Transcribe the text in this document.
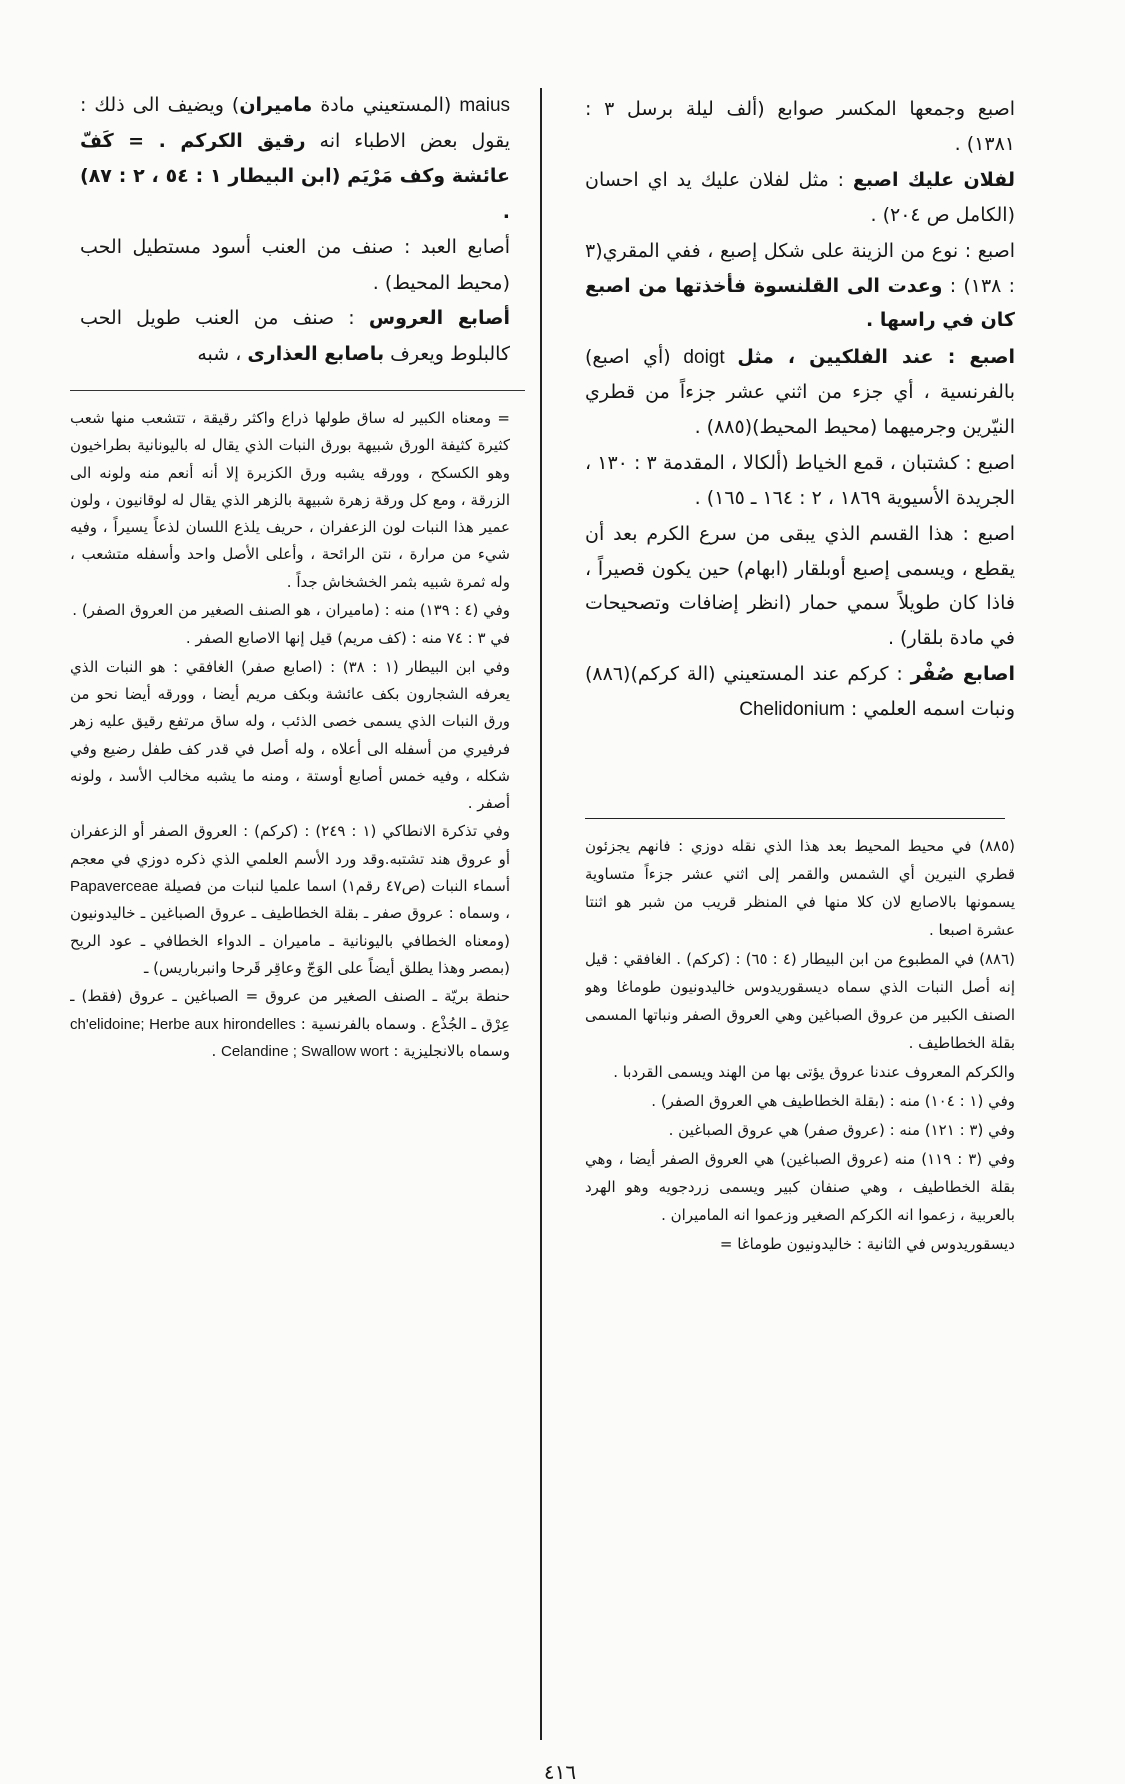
اصبع وجمعها المكسر صوابع (ألف ليلة برسل ٣ : ١٣٨١) .

لفلان عليك اصبع : مثل لفلان عليك يد اي احسان (الكامل ص ٢٠٤) .

اصبع : نوع من الزينة على شكل إصبع ، ففي المقري(٣ : ١٣٨) : وعدت الى القلنسوة فأخذتها من اصبع كان في راسها .

اصبع : عند الفلكيين ، مثل doigt (أي اصبع) بالفرنسية ، أي جزء من اثني عشر جزءاً من قطري النيّرين وجرميهما (محيط المحيط)(٨٨٥) .

اصبع : كشتبان ، قمع الخياط (ألكالا ، المقدمة ٣ : ١٣٠ ، الجريدة الأسيوية ١٨٦٩ ، ٢ : ١٦٤ ـ ١٦٥) .

اصبع : هذا القسم الذي يبقى من سرع الكرم بعد أن يقطع ، ويسمى إصبع أوبلقار (ابهام) حين يكون قصيراً ، فاذا كان طويلاً سمي حمار (انظر إضافات وتصحيحات في مادة بلقار) .

اصابع صُفْر : كركم عند المستعيني (الة كركم)(٨٨٦) ونبات اسمه العلمي : Chelidonium

maius (المستعيني مادة ماميران) ويضيف الى ذلك : يقول بعض الاطباء انه رقيق الكركم . = كَفّ عائشة وكف مَرْيَم (ابن البيطار ١ : ٥٤ ، ٢ : ٨٧) .

أصابع العبد : صنف من العنب أسود مستطيل الحب (محيط المحيط) .

أصابع العروس : صنف من العنب طويل الحب كالبلوط ويعرف باصابع العذارى ، شبه

= ومعناه الكبير له ساق طولها ذراع واكثر رقيقة ، تتشعب منها شعب كثيرة كثيفة الورق شبيهة بورق النبات الذي يقال له باليونانية بطراخيون وهو الكسكح ، وورقه يشبه ورق الكزبرة إلا أنه أنعم منه ولونه الى الزرقة ، ومع كل ورقة زهرة شبيهة بالزهر الذي يقال له لوقانيون ، ولون عمير هذا النبات لون الزعفران ، حريف يلذع اللسان لذعاً يسيراً ، وفيه شيء من مرارة ، نتن الرائحة ، وأعلى الأصل واحد وأسفله متشعب ، وله ثمرة شبيه بثمر الخشخاش جداً .

وفي (٤ : ١٣٩) منه : (ماميران ، هو الصنف الصغير من العروق الصفر) .

في ٣ : ٧٤ منه : (كف مريم) قيل إنها الاصابع الصفر .

وفي ابن البيطار (١ : ٣٨) : (اصابع صفر) الغافقي : هو النبات الذي يعرفه الشجارون بكف عائشة وبكف مريم أيضا ، وورقه أيضا نحو من ورق النبات الذي يسمى خصى الذئب ، وله ساق مرتفع رقيق عليه زهر فرفيري من أسفله الى أعلاه ، وله أصل في قدر كف طفل رضيع وفي شكله ، وفيه خمس أصابع أوستة ، ومنه ما يشبه مخالب الأسد ، ولونه أصفر .

وفي تذكرة الانطاكي (١ : ٢٤٩) : (كركم) : العروق الصفر أو الزعفران أو عروق هند تشتبه.وقد ورد الأسم العلمي الذي ذكره دوزي في معجم أسماء النبات (ص٤٧ رقم١) اسما علميا لنبات من فصيلة Papaverceae ، وسماه : عروق صفر ـ بقلة الخطاطيف ـ عروق الصباغين ـ خاليدونيون (ومعناه الخطافي باليونانية ـ ماميران ـ الدواء الخطافي ـ عود الريح (بمصر وهذا يطلق أيضاً على الوَجّ وعاقِر قَرحا وانبرباريس) ـ

حنطة بريّة ـ الصنف الصغير من عروق = الصباغين ـ عروق (فقط) ـ عِرْق ـ الجُذْع . وسماه بالفرنسية : ch'elidoine; Herbe aux hirondelles وسماه بالانجليزية : Celandine ; Swallow wort .

(٨٨٥) في محيط المحيط بعد هذا الذي نقله دوزي : فانهم يجزئون قطري النيرين أي الشمس والقمر إلى اثني عشر جزءاً متساوية يسمونها بالاصابع لان كلا منها في المنظر قريب من شبر هو اثنتا عشرة اصبعا .

(٨٨٦) في المطبوع من ابن البيطار (٤ : ٦٥) : (كركم) . الغافقي : قيل إنه أصل النبات الذي سماه ديسقوريدوس خاليدونيون طوماغا وهو الصنف الكبير من عروق الصباغين وهي العروق الصفر ونباتها المسمى بقلة الخطاطيف .

والكركم المعروف عندنا عروق يؤتى بها من الهند ويسمى القردبا .

وفي (١ : ١٠٤) منه : (بقلة الخطاطيف هي العروق الصفر) .

وفي (٣ : ١٢١) منه : (عروق صفر) هي عروق الصباغين .

وفي (٣ : ١١٩) منه (عروق الصباغين) هي العروق الصفر أيضا ، وهي بقلة الخطاطيف ، وهي صنفان كبير ويسمى زردجويه وهو الهرد بالعربية ، زعموا انه الكركم الصغير وزعموا انه الماميران .

ديسقوريدوس في الثانية : خاليدونيون طوماغا =

٤١٦
